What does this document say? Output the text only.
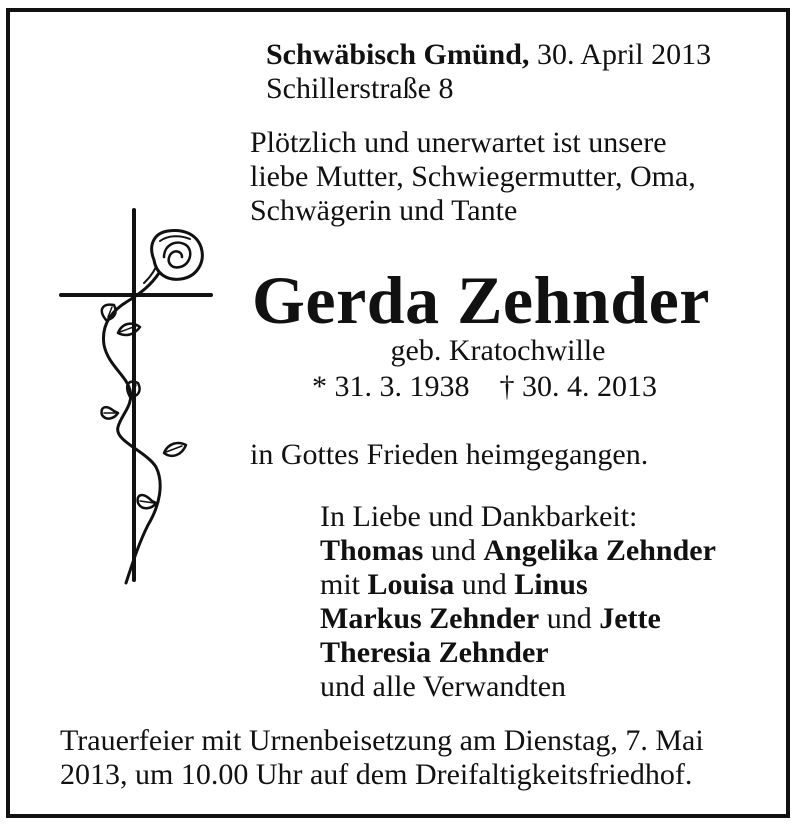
Schwäbisch Gmünd, 30. April 2013
Schillerstraße 8
Plötzlich und unerwartet ist unsere
liebe Mutter, Schwiegermutter, Oma,
Schwägerin und Tante
Gerda Zehnder
geb. Kratochwille
* 31. 3. 1938 † 30. 4. 2013
in Gottes Frieden heimgegangen.
In Liebe und Dankbarkeit:
Thomas und Angelika Zehnder
mit Louisa und Linus
Markus Zehnder und Jette
Theresia Zehnder
und alle Verwandten
Trauerfeier mit Urnenbeisetzung am Dienstag, 7. Mai
2013, um 10.00 Uhr auf dem Dreifaltigkeitsfriedhof.
